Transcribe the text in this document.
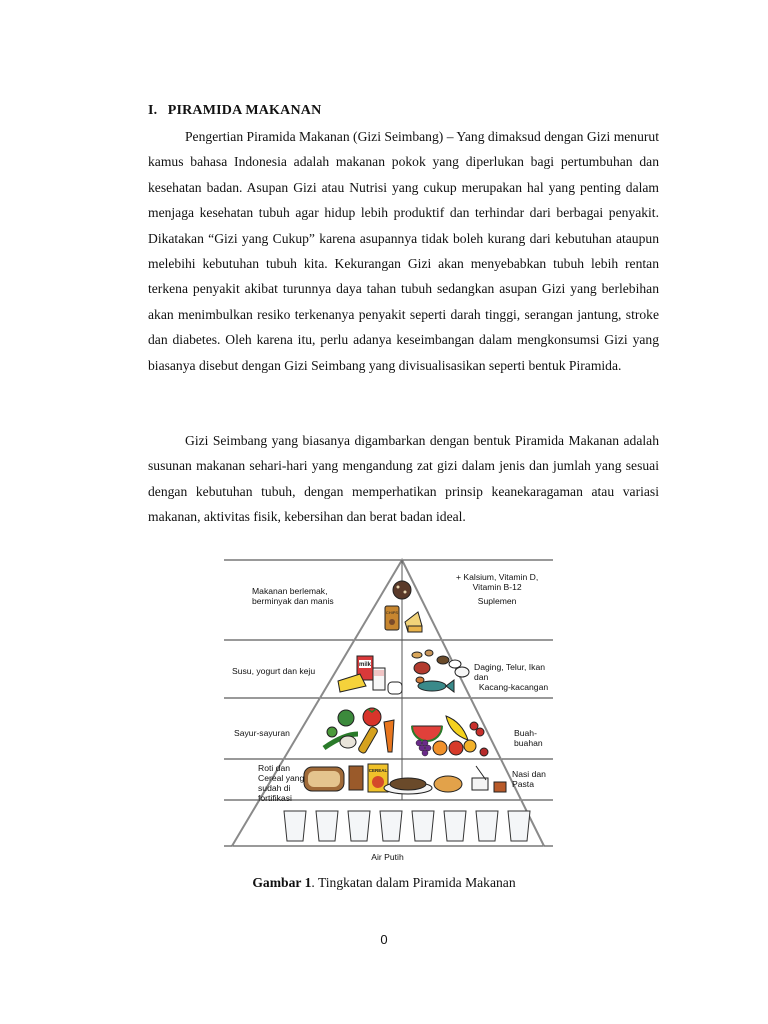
I. PIRAMIDA MAKANAN

Pengertian Piramida Makanan (Gizi Seimbang) – Yang dimaksud dengan Gizi menurut kamus bahasa Indonesia adalah makanan pokok yang diperlukan bagi pertumbuhan dan kesehatan badan. Asupan Gizi atau Nutrisi yang cukup merupakan hal yang penting dalam menjaga kesehatan tubuh agar hidup lebih produktif dan terhindar dari berbagai penyakit. Dikatakan “Gizi yang Cukup” karena asupannya tidak boleh kurang dari kebutuhan ataupun melebihi kebutuhan tubuh kita. Kekurangan Gizi akan menyebabkan tubuh lebih rentan terkena penyakit akibat turunnya daya tahan tubuh sedangkan asupan Gizi yang berlebihan akan menimbulkan resiko terkenanya penyakit seperti darah tinggi, serangan jantung, stroke dan diabetes. Oleh karena itu, perlu adanya keseimbangan dalam mengkonsumsi Gizi yang biasanya disebut dengan Gizi Seimbang yang divisualisasikan seperti bentuk Piramida.

Gizi Seimbang yang biasanya digambarkan dengan bentuk Piramida Makanan adalah susunan makanan sehari-hari yang mengandung zat gizi dalam jenis dan jumlah yang sesuai dengan kebutuhan tubuh, dengan memperhatikan prinsip keanekaragaman atau variasi makanan, aktivitas fisik, kebersihan dan berat badan ideal.

CHIPS
milk
CEREAL
Makanan berlemak,
berminyak dan manis
+ Kalsium, Vitamin D,
Vitamin B-12
Suplemen
Susu, yogurt dan keju	Daging, Telur, Ikan dan
Kacang-kacangan
Sayur-sayuran	Buah-buahan
Roti dan
Cereal yang
sudah di
fortifikasi
Nasi dan
Pasta
Air Putih
Gambar 1. Tingkatan dalam Piramida Makanan
0
